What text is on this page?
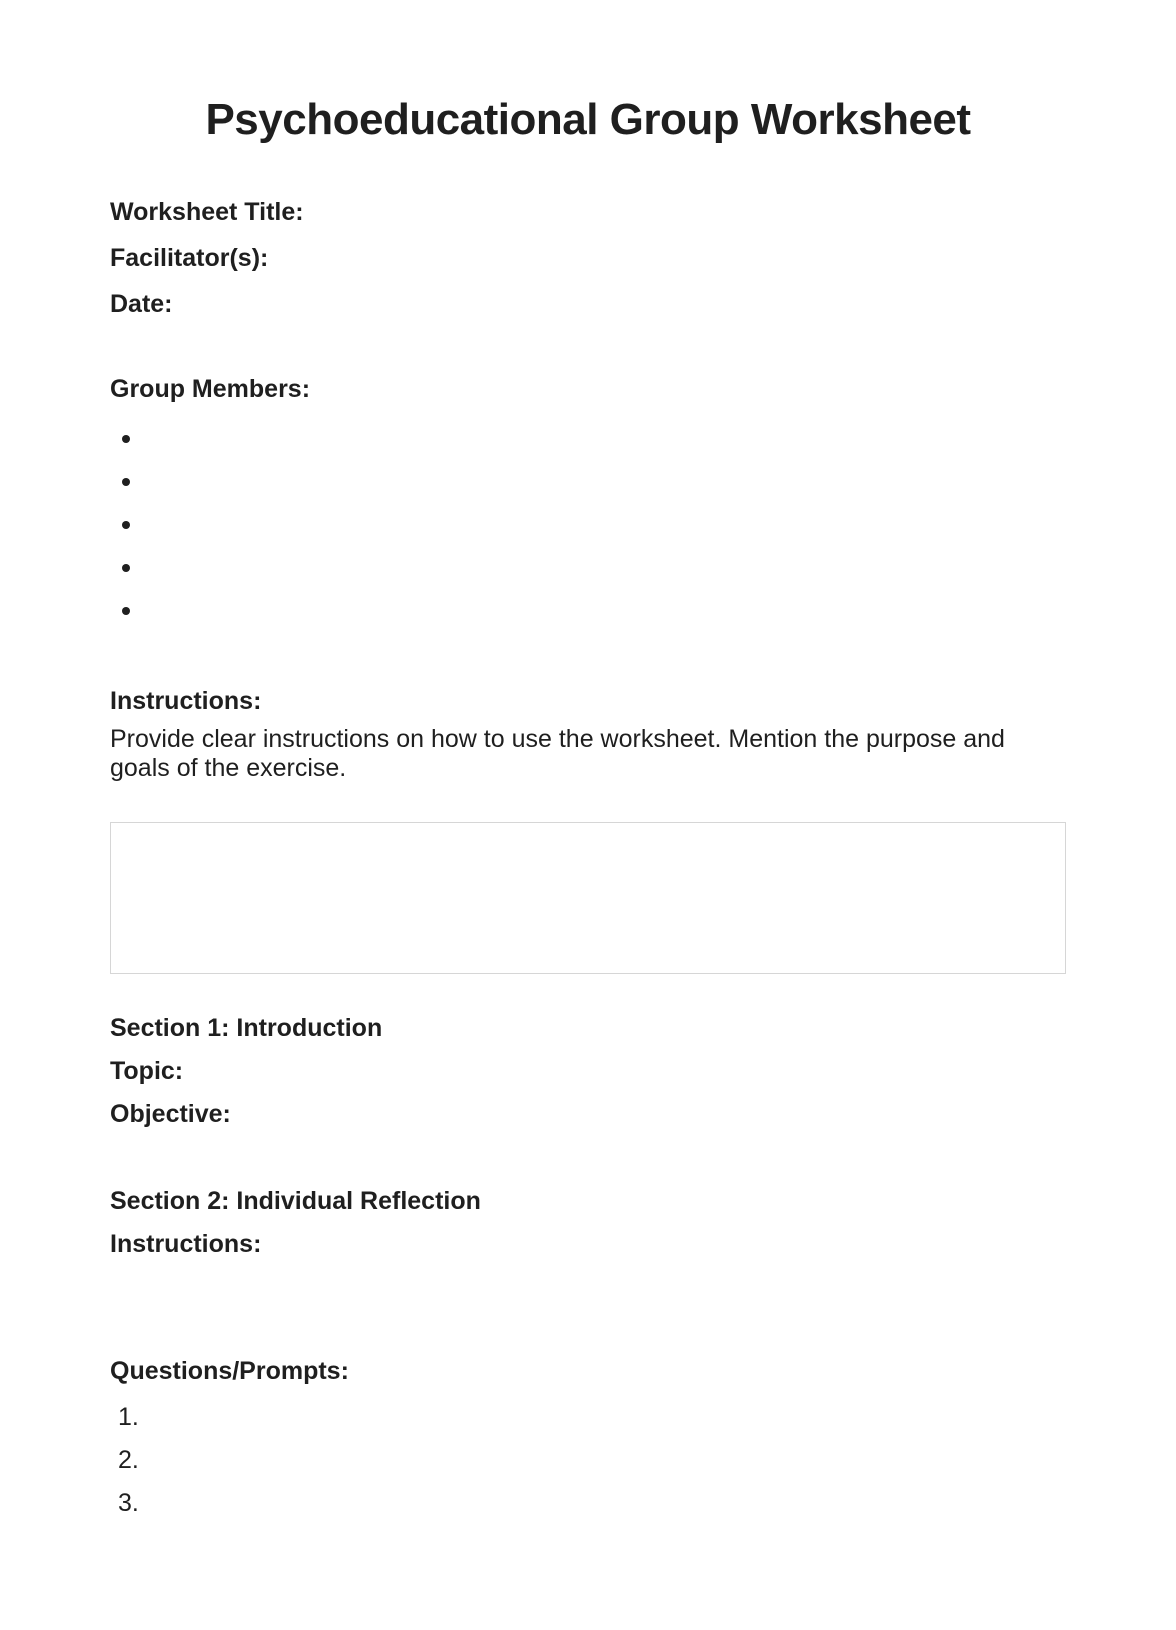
Psychoeducational Group Worksheet

Worksheet Title:

Facilitator(s):

Date:

Group Members:

Instructions:

Provide clear instructions on how to use the worksheet. Mention the purpose and goals of the exercise.

Section 1: Introduction

Topic:

Objective:

Section 2: Individual Reflection

Instructions:

Questions/Prompts:

1.
2.
3.
